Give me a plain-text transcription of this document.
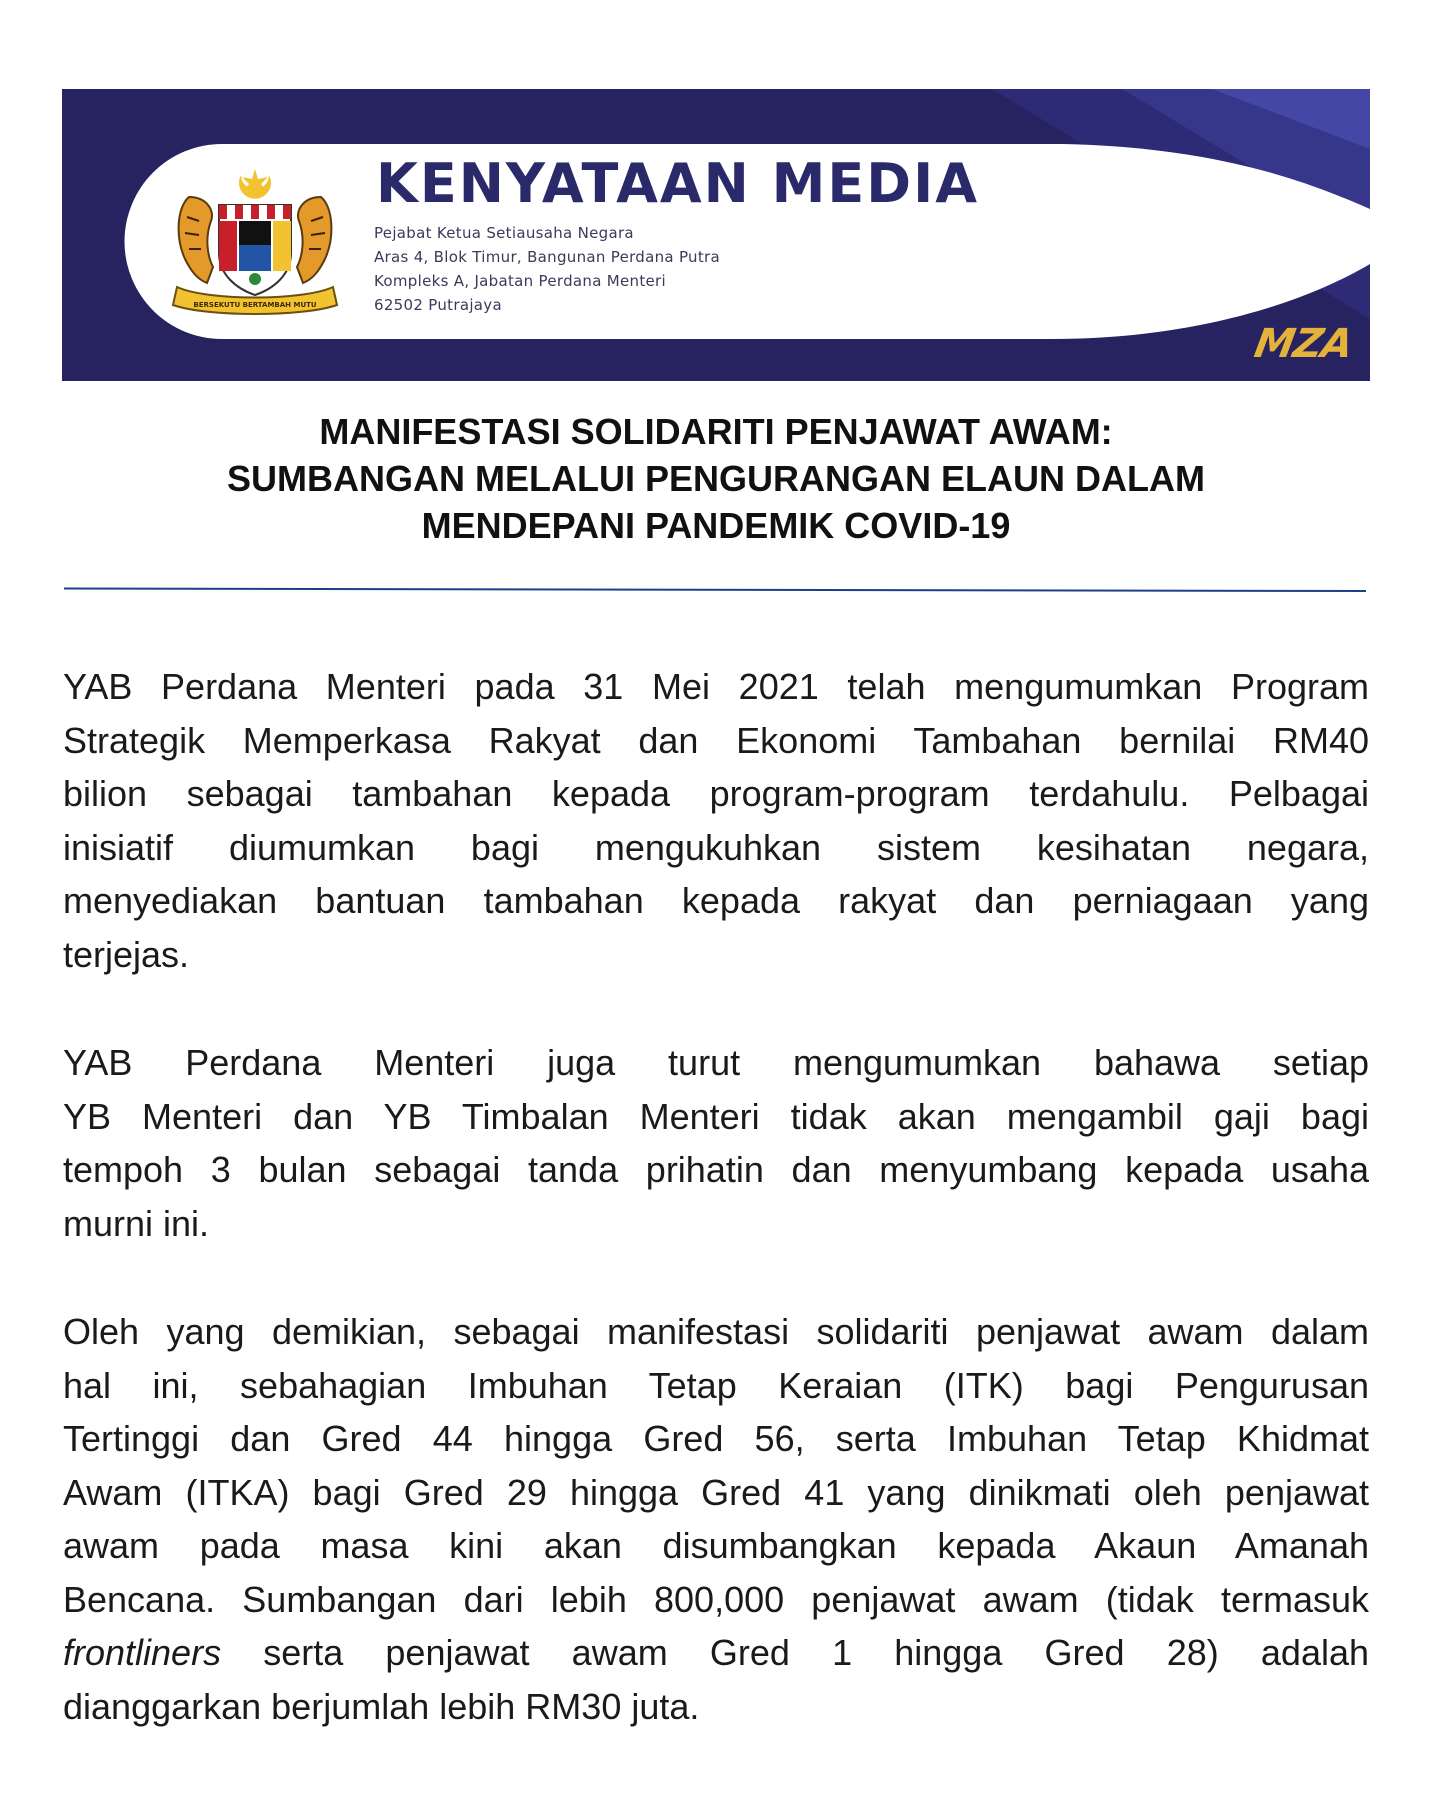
BERSEKUTU BERTAMBAH MUTU
KENYATAAN MEDIA
Pejabat Ketua Setiausaha Negara
Aras 4, Blok Timur, Bangunan Perdana Putra
Kompleks A, Jabatan Perdana Menteri
62502 Putrajaya
MZA
MANIFESTASI SOLIDARITI PENJAWAT AWAM:
SUMBANGAN MELALUI PENGURANGAN ELAUN DALAM
MENDEPANI PANDEMIK COVID-19
YAB Perdana Menteri pada 31 Mei 2021 telah mengumumkan Program
Strategik Memperkasa Rakyat dan Ekonomi Tambahan bernilai RM40
bilion sebagai tambahan kepada program-program terdahulu. Pelbagai
inisiatif diumumkan bagi mengukuhkan sistem kesihatan negara,
menyediakan bantuan tambahan kepada rakyat dan perniagaan yang
terjejas.
YAB Perdana Menteri juga turut mengumumkan bahawa setiap
YB Menteri dan YB Timbalan Menteri tidak akan mengambil gaji bagi
tempoh 3 bulan sebagai tanda prihatin dan menyumbang kepada usaha
murni ini.
Oleh yang demikian, sebagai manifestasi solidariti penjawat awam dalam
hal ini, sebahagian Imbuhan Tetap Keraian (ITK) bagi Pengurusan
Tertinggi dan Gred 44 hingga Gred 56, serta Imbuhan Tetap Khidmat
Awam (ITKA) bagi Gred 29 hingga Gred 41 yang dinikmati oleh penjawat
awam pada masa kini akan disumbangkan kepada Akaun Amanah
Bencana. Sumbangan dari lebih 800,000 penjawat awam (tidak termasuk
frontliners serta penjawat awam Gred 1 hingga Gred 28) adalah
dianggarkan berjumlah lebih RM30 juta.
